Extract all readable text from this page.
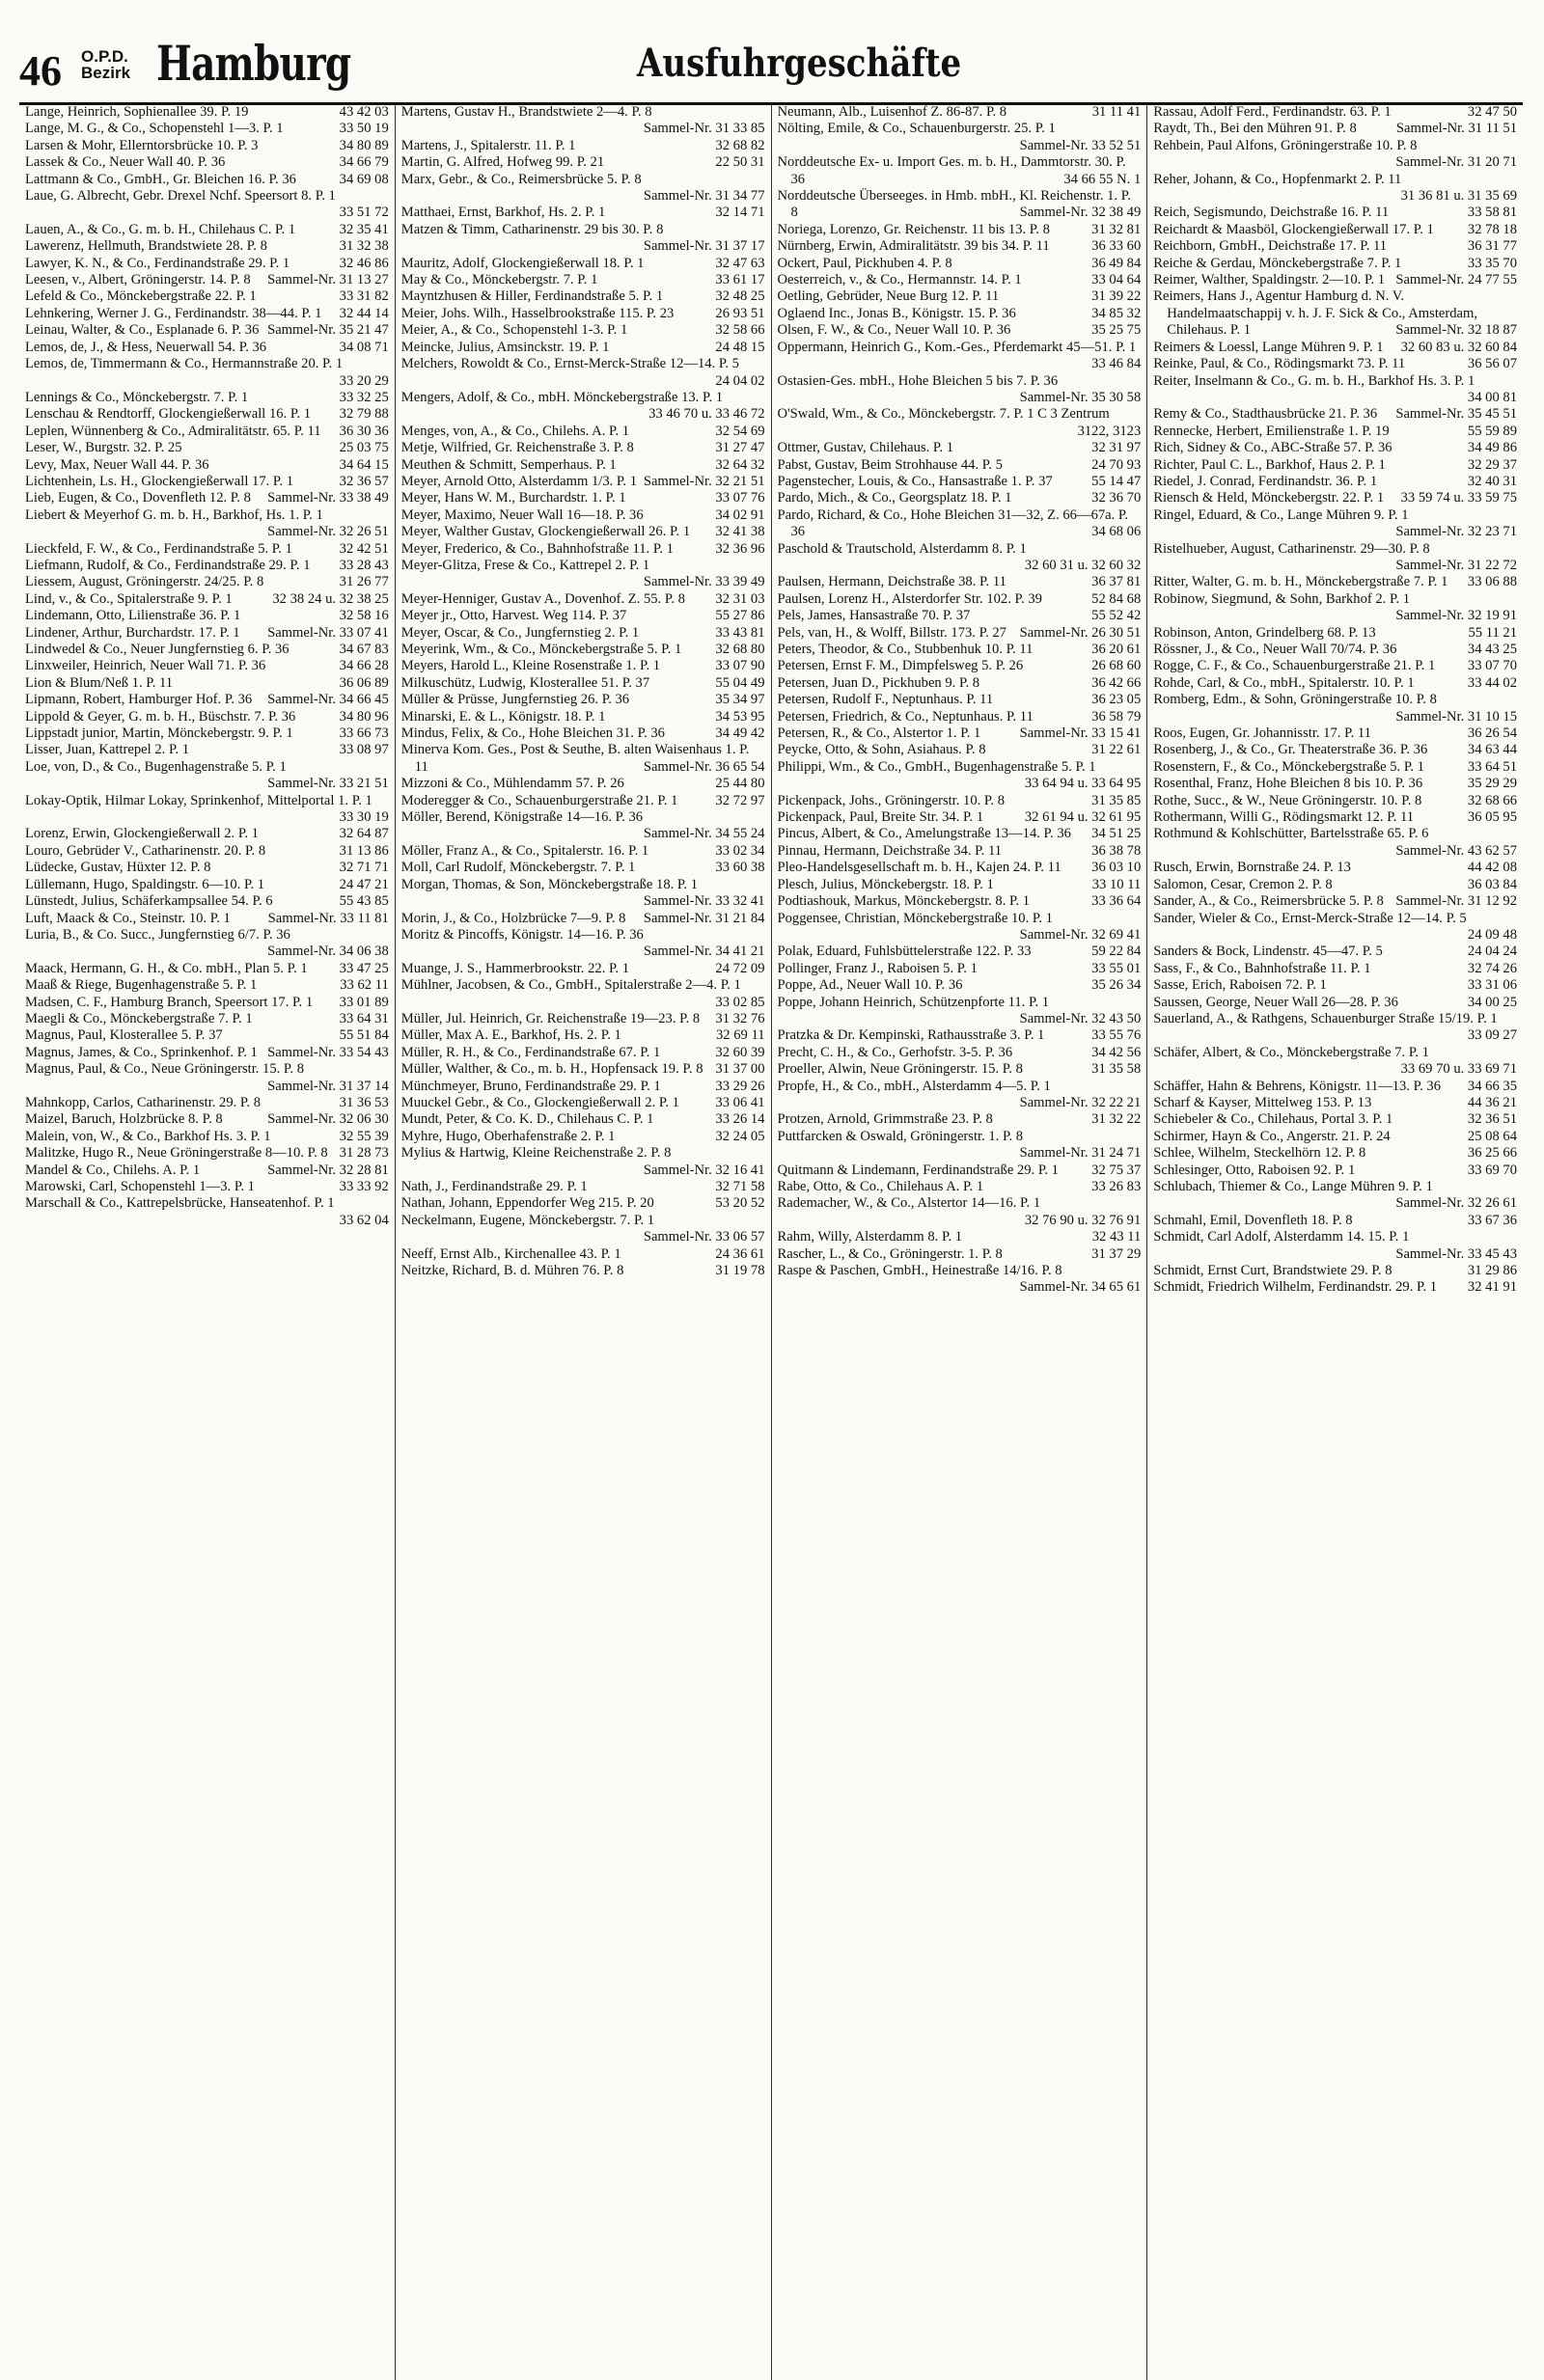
46 O.P.D.
Bezirk Hamburg	Ausfuhrgeschäfte
Lange, Heinrich, Sophienallee 39. P. 19	43 42 03
Lange, M. G., & Co., Schopenstehl 1—3. P. 1	33 50 19
Larsen & Mohr, Ellerntorsbrücke 10. P. 3	34 80 89
Lassek & Co., Neuer Wall 40. P. 36	34 66 79
Lattmann & Co., GmbH., Gr. Bleichen 16. P. 36	34 69 08
Laue, G. Albrecht, Gebr. Drexel Nchf. Speersort 8. P. 1
33 51 72
Lauen, A., & Co., G. m. b. H., Chilehaus C. P. 1	32 35 41
Lawerenz, Hellmuth, Brandstwiete 28. P. 8	31 32 38
Lawyer, K. N., & Co., Ferdinandstraße 29. P. 1	32 46 86
Leesen, v., Albert, Gröningerstr. 14. P. 8	Sammel-Nr. 31 13 27
Lefeld & Co., Mönckebergstraße 22. P. 1	33 31 82
Lehnkering, Werner J. G., Ferdinandstr. 38—44. P. 1	32 44 14
Leinau, Walter, & Co., Esplanade 6. P. 36 Sammel-Nr. 35 21 47
Lemos, de, J., & Hess, Neuerwall 54. P. 36	34 08 71
Lemos, de, Timmermann & Co., Hermannstraße 20. P. 1
33 20 29
Lennings & Co., Mönckebergstr. 7. P. 1	33 32 25
Lenschau & Rendtorff, Glockengießerwall 16. P. 1	32 79 88
Leplen, Wünnenberg & Co., Admiralitätstr. 65. P. 11	36 30 36
Leser, W., Burgstr. 32. P. 25	25 03 75
Levy, Max, Neuer Wall 44. P. 36	34 64 15
Lichtenhein, Ls. H., Glockengießerwall 17. P. 1	32 36 57
Lieb, Eugen, & Co., Dovenfleth 12. P. 8	Sammel-Nr. 33 38 49
Liebert & Meyerhof G. m. b. H., Barkhof, Hs. 1. P. 1
Sammel-Nr. 32 26 51
Lieckfeld, F. W., & Co., Ferdinandstraße 5. P. 1	32 42 51
Liefmann, Rudolf, & Co., Ferdinandstraße 29. P. 1	33 28 43
Liessem, August, Gröningerstr. 24/25. P. 8	31 26 77
Lind, v., & Co., Spitalerstraße 9. P. 1	32 38 24 u. 32 38 25
Lindemann, Otto, Lilienstraße 36. P. 1	32 58 16
Lindener, Arthur, Burchardstr. 17. P. 1	Sammel-Nr. 33 07 41
Lindwedel & Co., Neuer Jungfernstieg 6. P. 36	34 67 83
Linxweiler, Heinrich, Neuer Wall 71. P. 36	34 66 28
Lion & Blum/Neß 1. P. 11	36 06 89
Lipmann, Robert, Hamburger Hof. P. 36	Sammel-Nr. 34 66 45
Lippold & Geyer, G. m. b. H., Büschstr. 7. P. 36	34 80 96
Lippstadt junior, Martin, Mönckebergstr. 9. P. 1	33 66 73
Lisser, Juan, Kattrepel 2. P. 1	33 08 97
Loe, von, D., & Co., Bugenhagenstraße 5. P. 1
Sammel-Nr. 33 21 51
Lokay-Optik, Hilmar Lokay, Sprinkenhof, Mittelportal 1. P. 1
33 30 19
Lorenz, Erwin, Glockengießerwall 2. P. 1	32 64 87
Louro, Gebrüder V., Catharinenstr. 20. P. 8	31 13 86
Lüdecke, Gustav, Hüxter 12. P. 8	32 71 71
Lüllemann, Hugo, Spaldingstr. 6—10. P. 1	24 47 21
Lünstedt, Julius, Schäferkampsallee 54. P. 6	55 43 85
Luft, Maack & Co., Steinstr. 10. P. 1	Sammel-Nr. 33 11 81
Luria, B., & Co. Succ., Jungfernstieg 6/7. P. 36
Sammel-Nr. 34 06 38
Maack, Hermann, G. H., & Co. mbH., Plan 5. P. 1	33 47 25
Maaß & Riege, Bugenhagenstraße 5. P. 1	33 62 11
Madsen, C. F., Hamburg Branch, Speersort 17. P. 1	33 01 89
Maegli & Co., Mönckebergstraße 7. P. 1	33 64 31
Magnus, Paul, Klosterallee 5. P. 37	55 51 84
Magnus, James, & Co., Sprinkenhof. P. 1 Sammel-Nr. 33 54 43
Magnus, Paul, & Co., Neue Gröningerstr. 15. P. 8
Sammel-Nr. 31 37 14
Mahnkopp, Carlos, Catharinenstr. 29. P. 8	31 36 53
Maizel, Baruch, Holzbrücke 8. P. 8	Sammel-Nr. 32 06 30
Malein, von, W., & Co., Barkhof Hs. 3. P. 1	32 55 39
Malitzke, Hugo R., Neue Gröningerstraße 8—10. P. 8 31 28 73
Mandel & Co., Chilehs. A. P. 1	Sammel-Nr. 32 28 81
Marowski, Carl, Schopenstehl 1—3. P. 1	33 33 92
Marschall & Co., Kattrepelsbrücke, Hanseatenhof. P. 1
33 62 04
Martens, Gustav H., Brandstwiete 2—4. P. 8
Sammel-Nr. 31 33 85
Martens, J., Spitalerstr. 11. P. 1	32 68 82
Martin, G. Alfred, Hofweg 99. P. 21	22 50 31
Marx, Gebr., & Co., Reimersbrücke 5. P. 8
Sammel-Nr. 31 34 77
Matthaei, Ernst, Barkhof, Hs. 2. P. 1	32 14 71
Matzen & Timm, Catharinenstr. 29 bis 30. P. 8
Sammel-Nr. 31 37 17
Mauritz, Adolf, Glockengießerwall 18. P. 1	32 47 63
May & Co., Mönckebergstr. 7. P. 1	33 61 17
Mayntzhusen & Hiller, Ferdinandstraße 5. P. 1	32 48 25
Meier, Johs. Wilh., Hasselbrookstraße 115. P. 23	26 93 51
Meier, A., & Co., Schopenstehl 1-3. P. 1	32 58 66
Meincke, Julius, Amsinckstr. 19. P. 1	24 48 15
Melchers, Rowoldt & Co., Ernst-Merck-Straße 12—14. P. 5
24 04 02
Mengers, Adolf, & Co., mbH. Mönckebergstraße 13. P. 1
33 46 70 u. 33 46 72
Menges, von, A., & Co., Chilehs. A. P. 1	32 54 69
Metje, Wilfried, Gr. Reichenstraße 3. P. 8	31 27 47
Meuthen & Schmitt, Semperhaus. P. 1	32 64 32
Meyer, Arnold Otto, Alsterdamm 1/3. P. 1 Sammel-Nr. 32 21 51
Meyer, Hans W. M., Burchardstr. 1. P. 1	33 07 76
Meyer, Maximo, Neuer Wall 16—18. P. 36	34 02 91
Meyer, Walther Gustav, Glockengießerwall 26. P. 1	32 41 38
Meyer, Frederico, & Co., Bahnhofstraße 11. P. 1	32 36 96
Meyer-Glitza, Frese & Co., Kattrepel 2. P. 1
Sammel-Nr. 33 39 49
Meyer-Henniger, Gustav A., Dovenhof. Z. 55. P. 8	32 31 03
Meyer jr., Otto, Harvest. Weg 114. P. 37	55 27 86
Meyer, Oscar, & Co., Jungfernstieg 2. P. 1	33 43 81
Meyerink, Wm., & Co., Mönckebergstraße 5. P. 1	32 68 80
Meyers, Harold L., Kleine Rosenstraße 1. P. 1	33 07 90
Milkuschütz, Ludwig, Klosterallee 51. P. 37	55 04 49
Müller & Prüsse, Jungfernstieg 26. P. 36	35 34 97
Minarski, E. & L., Königstr. 18. P. 1	34 53 95
Mindus, Felix, & Co., Hohe Bleichen 31. P. 36	34 49 42
Minerva Kom. Ges., Post & Seuthe, B. alten Waisenhaus 1. P. 11	Sammel-Nr. 36 65 54
Mizzoni & Co., Mühlendamm 57. P. 26	25 44 80
Moderegger & Co., Schauenburgerstraße 21. P. 1	32 72 97
Möller, Berend, Königstraße 14—16. P. 36
Sammel-Nr. 34 55 24
Möller, Franz A., & Co., Spitalerstr. 16. P. 1	33 02 34
Moll, Carl Rudolf, Mönckebergstr. 7. P. 1	33 60 38
Morgan, Thomas, & Son, Mönckebergstraße 18. P. 1
Sammel-Nr. 33 32 41
Morin, J., & Co., Holzbrücke 7—9. P. 8	Sammel-Nr. 31 21 84
Moritz & Pincoffs, Königstr. 14—16. P. 36
Sammel-Nr. 34 41 21
Muange, J. S., Hammerbrookstr. 22. P. 1	24 72 09
Mühlner, Jacobsen, & Co., GmbH., Spitalerstraße 2—4. P. 1
33 02 85
Müller, Jul. Heinrich, Gr. Reichenstraße 19—23. P. 8	31 32 76
Müller, Max A. E., Barkhof, Hs. 2. P. 1	32 69 11
Müller, R. H., & Co., Ferdinandstraße 67. P. 1	32 60 39
Müller, Walther, & Co., m. b. H., Hopfensack 19. P. 8 31 37 00
Münchmeyer, Bruno, Ferdinandstraße 29. P. 1	33 29 26
Muuckel Gebr., & Co., Glockengießerwall 2. P. 1	33 06 41
Mundt, Peter, & Co. K. D., Chilehaus C. P. 1	33 26 14
Myhre, Hugo, Oberhafenstraße 2. P. 1	32 24 05
Mylius & Hartwig, Kleine Reichenstraße 2. P. 8
Sammel-Nr. 32 16 41
Nath, J., Ferdinandstraße 29. P. 1	32 71 58
Nathan, Johann, Eppendorfer Weg 215. P. 20	53 20 52
Neckelmann, Eugene, Mönckebergstr. 7. P. 1
Sammel-Nr. 33 06 57
Neeff, Ernst Alb., Kirchenallee 43. P. 1	24 36 61
Neitzke, Richard, B. d. Mühren 76. P. 8	31 19 78
Neumann, Alb., Luisenhof Z. 86-87. P. 8	31 11 41
Nölting, Emile, & Co., Schauenburgerstr. 25. P. 1
Sammel-Nr. 33 52 51
Norddeutsche Ex- u. Import Ges. m. b. H., Dammtorstr. 30. P. 36	34 66 55 N. 1
Norddeutsche Überseeges. in Hmb. mbH., Kl. Reichenstr. 1. P. 8	Sammel-Nr. 32 38 49
Noriega, Lorenzo, Gr. Reichenstr. 11 bis 13. P. 8	31 32 81
Nürnberg, Erwin, Admiralitätstr. 39 bis 34. P. 11	36 33 60
Ockert, Paul, Pickhuben 4. P. 8	36 49 84
Oesterreich, v., & Co., Hermannstr. 14. P. 1	33 04 64
Oetling, Gebrüder, Neue Burg 12. P. 11	31 39 22
Oglaend Inc., Jonas B., Königstr. 15. P. 36	34 85 32
Olsen, F. W., & Co., Neuer Wall 10. P. 36	35 25 75
Oppermann, Heinrich G., Kom.-Ges., Pferdemarkt 45—51. P. 1
33 46 84
Ostasien-Ges. mbH., Hohe Bleichen 5 bis 7. P. 36
Sammel-Nr. 35 30 58
O'Swald, Wm., & Co., Mönckebergstr. 7. P. 1 C 3 Zentrum
3122, 3123
Ottmer, Gustav, Chilehaus. P. 1	32 31 97
Pabst, Gustav, Beim Strohhause 44. P. 5	24 70 93
Pagenstecher, Louis, & Co., Hansastraße 1. P. 37	55 14 47
Pardo, Mich., & Co., Georgsplatz 18. P. 1	32 36 70
Pardo, Richard, & Co., Hohe Bleichen 31—32, Z. 66—67a. P. 36	34 68 06
Paschold & Trautschold, Alsterdamm 8. P. 1
32 60 31 u. 32 60 32
Paulsen, Hermann, Deichstraße 38. P. 11	36 37 81
Paulsen, Lorenz H., Alsterdorfer Str. 102. P. 39	52 84 68
Pels, James, Hansastraße 70. P. 37	55 52 42
Pels, van, H., & Wolff, Billstr. 173. P. 27 Sammel-Nr. 26 30 51
Peters, Theodor, & Co., Stubbenhuk 10. P. 11	36 20 61
Petersen, Ernst F. M., Dimpfelsweg 5. P. 26	26 68 60
Petersen, Juan D., Pickhuben 9. P. 8	36 42 66
Petersen, Rudolf F., Neptunhaus. P. 11	36 23 05
Petersen, Friedrich, & Co., Neptunhaus. P. 11	36 58 79
Petersen, R., & Co., Alstertor 1. P. 1	Sammel-Nr. 33 15 41
Peycke, Otto, & Sohn, Asiahaus. P. 8	31 22 61
Philippi, Wm., & Co., GmbH., Bugenhagenstraße 5. P. 1
33 64 94 u. 33 64 95
Pickenpack, Johs., Gröningerstr. 10. P. 8	31 35 85
Pickenpack, Paul, Breite Str. 34. P. 1	32 61 94 u. 32 61 95
Pincus, Albert, & Co., Amelungstraße 13—14. P. 36	34 51 25
Pinnau, Hermann, Deichstraße 34. P. 11	36 38 78
Pleo-Handelsgesellschaft m. b. H., Kajen 24. P. 11	36 03 10
Plesch, Julius, Mönckebergstr. 18. P. 1	33 10 11
Podtiashouk, Markus, Mönckebergstr. 8. P. 1	33 36 64
Poggensee, Christian, Mönckebergstraße 10. P. 1
Sammel-Nr. 32 69 41
Polak, Eduard, Fuhlsbüttelerstraße 122. P. 33	59 22 84
Pollinger, Franz J., Raboisen 5. P. 1	33 55 01
Poppe, Ad., Neuer Wall 10. P. 36	35 26 34
Poppe, Johann Heinrich, Schützenpforte 11. P. 1
Sammel-Nr. 32 43 50
Pratzka & Dr. Kempinski, Rathausstraße 3. P. 1	33 55 76
Precht, C. H., & Co., Gerhofstr. 3-5. P. 36	34 42 56
Proeller, Alwin, Neue Gröningerstr. 15. P. 8	31 35 58
Propfe, H., & Co., mbH., Alsterdamm 4—5. P. 1
Sammel-Nr. 32 22 21
Protzen, Arnold, Grimmstraße 23. P. 8	31 32 22
Puttfarcken & Oswald, Gröningerstr. 1. P. 8
Sammel-Nr. 31 24 71
Quitmann & Lindemann, Ferdinandstraße 29. P. 1	32 75 37
Rabe, Otto, & Co., Chilehaus A. P. 1	33 26 83
Rademacher, W., & Co., Alstertor 14—16. P. 1
32 76 90 u. 32 76 91
Rahm, Willy, Alsterdamm 8. P. 1	32 43 11
Rascher, L., & Co., Gröningerstr. 1. P. 8	31 37 29
Raspe & Paschen, GmbH., Heinestraße 14/16. P. 8
Sammel-Nr. 34 65 61
Rassau, Adolf Ferd., Ferdinandstr. 63. P. 1	32 47 50
Raydt, Th., Bei den Mühren 91. P. 8	Sammel-Nr. 31 11 51
Rehbein, Paul Alfons, Gröningerstraße 10. P. 8
Sammel-Nr. 31 20 71
Reher, Johann, & Co., Hopfenmarkt 2. P. 11
31 36 81 u. 31 35 69
Reich, Segismundo, Deichstraße 16. P. 11	33 58 81
Reichardt & Maasböl, Glockengießerwall 17. P. 1	32 78 18
Reichborn, GmbH., Deichstraße 17. P. 11	36 31 77
Reiche & Gerdau, Mönckebergstraße 7. P. 1	33 35 70
Reimer, Walther, Spaldingstr. 2—10. P. 1 Sammel-Nr. 24 77 55
Reimers, Hans J., Agentur Hamburg d. N. V. Handelmaatschappij v. h. J. F. Sick & Co., Amsterdam, Chilehaus. P. 1	Sammel-Nr. 32 18 87
Reimers & Loessl, Lange Mühren 9. P. 1	32 60 83 u. 32 60 84
Reinke, Paul, & Co., Rödingsmarkt 73. P. 11	36 56 07
Reiter, Inselmann & Co., G. m. b. H., Barkhof Hs. 3. P. 1
34 00 81
Remy & Co., Stadthausbrücke 21. P. 36	Sammel-Nr. 35 45 51
Rennecke, Herbert, Emilienstraße 1. P. 19	55 59 89
Rich, Sidney & Co., ABC-Straße 57. P. 36	34 49 86
Richter, Paul C. L., Barkhof, Haus 2. P. 1	32 29 37
Riedel, J. Conrad, Ferdinandstr. 36. P. 1	32 40 31
Riensch & Held, Mönckebergstr. 22. P. 1	33 59 74 u. 33 59 75
Ringel, Eduard, & Co., Lange Mühren 9. P. 1
Sammel-Nr. 32 23 71
Ristelhueber, August, Catharinenstr. 29—30. P. 8
Sammel-Nr. 31 22 72
Ritter, Walter, G. m. b. H., Mönckebergstraße 7. P. 1	33 06 88
Robinow, Siegmund, & Sohn, Barkhof 2. P. 1
Sammel-Nr. 32 19 91
Robinson, Anton, Grindelberg 68. P. 13	55 11 21
Rössner, J., & Co., Neuer Wall 70/74. P. 36	34 43 25
Rogge, C. F., & Co., Schauenburgerstraße 21. P. 1	33 07 70
Rohde, Carl, & Co., mbH., Spitalerstr. 10. P. 1	33 44 02
Romberg, Edm., & Sohn, Gröningerstraße 10. P. 8
Sammel-Nr. 31 10 15
Roos, Eugen, Gr. Johannisstr. 17. P. 11	36 26 54
Rosenberg, J., & Co., Gr. Theaterstraße 36. P. 36	34 63 44
Rosenstern, F., & Co., Mönckebergstraße 5. P. 1	33 64 51
Rosenthal, Franz, Hohe Bleichen 8 bis 10. P. 36	35 29 29
Rothe, Succ., & W., Neue Gröningerstr. 10. P. 8	32 68 66
Rothermann, Willi G., Rödingsmarkt 12. P. 11	36 05 95
Rothmund & Kohlschütter, Bartelsstraße 65. P. 6
Sammel-Nr. 43 62 57
Rusch, Erwin, Bornstraße 24. P. 13	44 42 08
Salomon, Cesar, Cremon 2. P. 8	36 03 84
Sander, A., & Co., Reimersbrücke 5. P. 8 Sammel-Nr. 31 12 92
Sander, Wieler & Co., Ernst-Merck-Straße 12—14. P. 5
24 09 48
Sanders & Bock, Lindenstr. 45—47. P. 5	24 04 24
Sass, F., & Co., Bahnhofstraße 11. P. 1	32 74 26
Sasse, Erich, Raboisen 72. P. 1	33 31 06
Saussen, George, Neuer Wall 26—28. P. 36	34 00 25
Sauerland, A., & Rathgens, Schauenburger Straße 15/19. P. 1
33 09 27
Schäfer, Albert, & Co., Mönckebergstraße 7. P. 1
33 69 70 u. 33 69 71
Schäffer, Hahn & Behrens, Königstr. 11—13. P. 36	34 66 35
Scharf & Kayser, Mittelweg 153. P. 13	44 36 21
Schiebeler & Co., Chilehaus, Portal 3. P. 1	32 36 51
Schirmer, Hayn & Co., Angerstr. 21. P. 24	25 08 64
Schlee, Wilhelm, Steckelhörn 12. P. 8	36 25 66
Schlesinger, Otto, Raboisen 92. P. 1	33 69 70
Schlubach, Thiemer & Co., Lange Mühren 9. P. 1
Sammel-Nr. 32 26 61
Schmahl, Emil, Dovenfleth 18. P. 8	33 67 36
Schmidt, Carl Adolf, Alsterdamm 14. 15. P. 1
Sammel-Nr. 33 45 43
Schmidt, Ernst Curt, Brandstwiete 29. P. 8	31 29 86
Schmidt, Friedrich Wilhelm, Ferdinandstr. 29. P. 1	32 41 91
